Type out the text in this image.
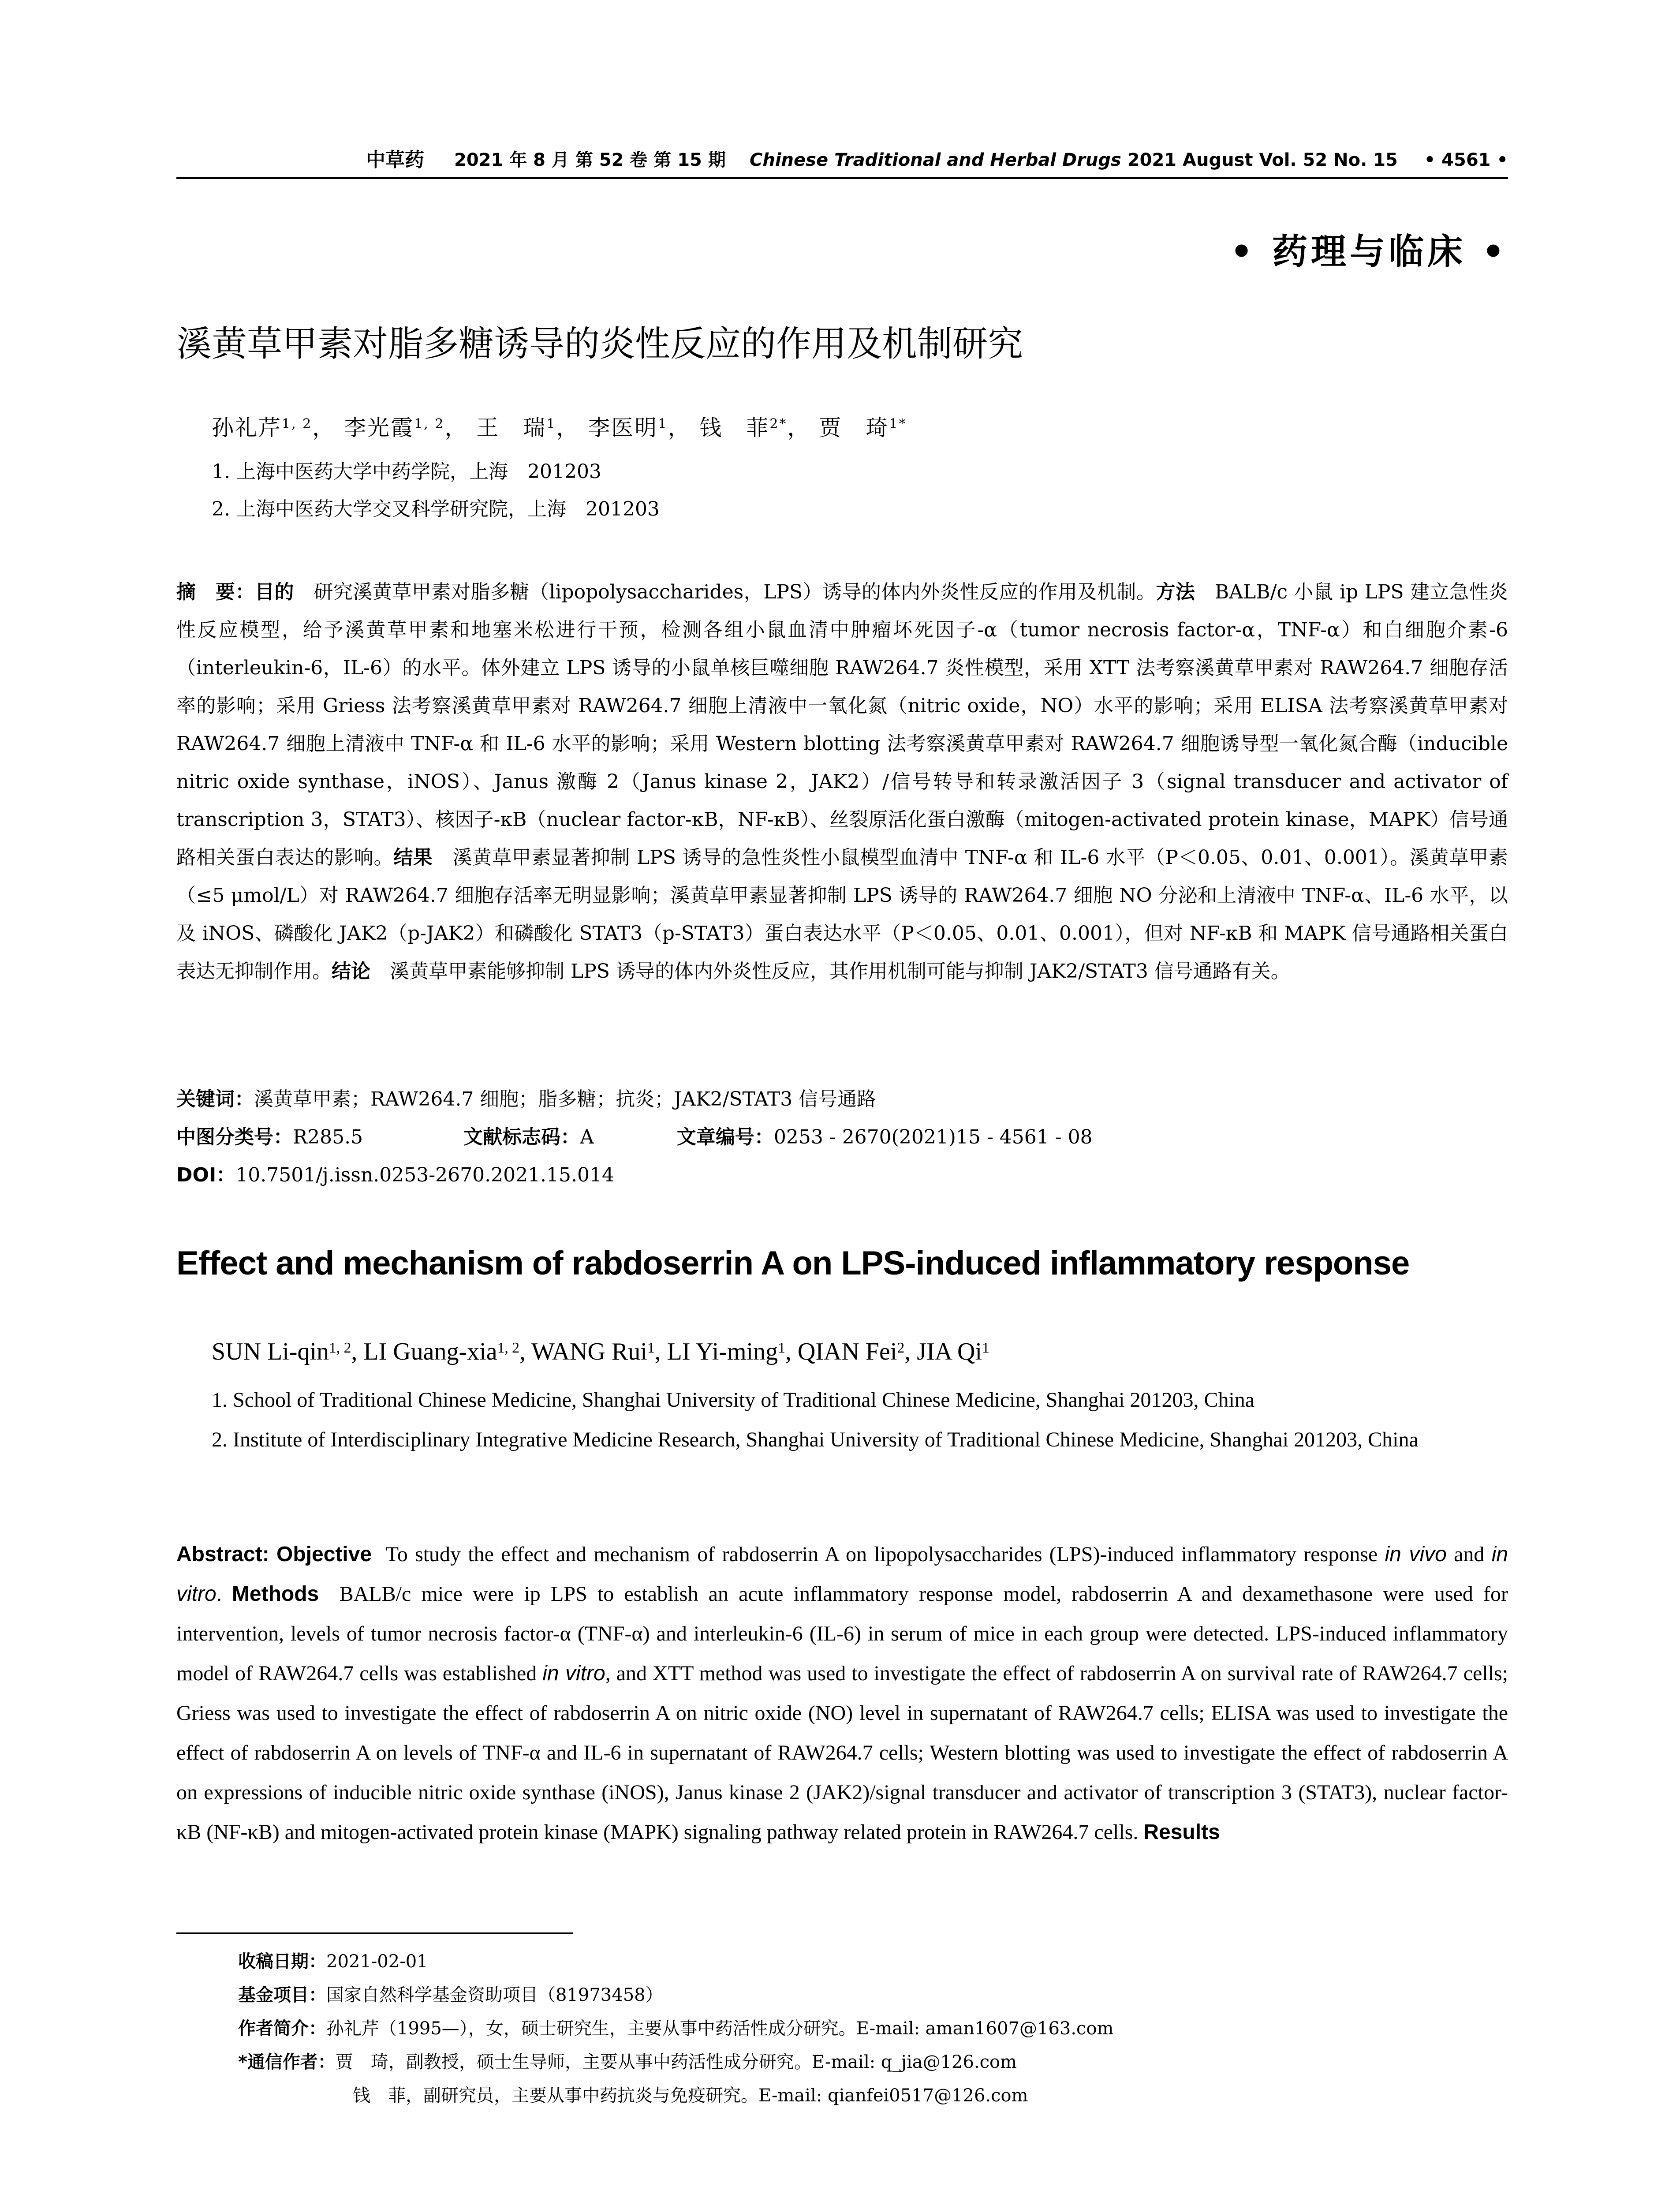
中草药 2021 年 8 月 第 52 卷 第 15 期 Chinese Traditional and Herbal Drugs 2021 August Vol. 52 No. 15 • 4561 •
• 药理与临床 •
溪黄草甲素对脂多糖诱导的炎性反应的作用及机制研究
孙礼芹$^{1, 2}$， 李光霞$^{1, 2}$， 王　瑞$^1$， 李医明$^1$， 钱　菲$^{2*}$， 贾　琦$^{1*}$
1. 上海中医药大学中药学院，上海　201203
2. 上海中医药大学交叉科学研究院，上海　201203
摘　要：目的　 研究溪黄草甲素对脂多糖（lipopolysaccharides，LPS）诱导的体内外炎性反应的作用及机制。方法　 BALB/c 小鼠 ip LPS 建立急性炎性反应模型，给予溪黄草甲素和地塞米松进行干预，检测各组小鼠血清中肿瘤坏死因子-α（tumor necrosis factor-α，TNF-α）和白细胞介素-6（interleukin-6，IL-6）的水平。体外建立 LPS 诱导的小鼠单核巨噬细胞 RAW264.7 炎性模型，采用 XTT 法考察溪黄草甲素对 RAW264.7 细胞存活率的影响；采用 Griess 法考察溪黄草甲素对 RAW264.7 细胞上清液中一氧化氮（nitric oxide，NO）水平的影响；采用 ELISA 法考察溪黄草甲素对 RAW264.7 细胞上清液中 TNF-α 和 IL-6 水平的影响；采用 Western blotting 法考察溪黄草甲素对 RAW264.7 细胞诱导型一氧化氮合酶（inducible nitric oxide synthase，iNOS）、Janus 激酶 2（Janus kinase 2，JAK2）/信号转导和转录激活因子 3（signal transducer and activator of transcription 3，STAT3）、核因子-κB（nuclear factor-κB，NF-κB）、丝裂原活化蛋白激酶（mitogen-activated protein kinase，MAPK）信号通路相关蛋白表达的影响。结果　 溪黄草甲素显著抑制 LPS 诱导的急性炎性小鼠模型血清中 TNF-α 和 IL-6 水平（P＜0.05、0.01、0.001）。溪黄草甲素（≤5 μmol/L）对 RAW264.7 细胞存活率无明显影响；溪黄草甲素显著抑制 LPS 诱导的 RAW264.7 细胞 NO 分泌和上清液中 TNF-α、IL-6 水平，以及 iNOS、磷酸化 JAK2（p-JAK2）和磷酸化 STAT3（p-STAT3）蛋白表达水平（P＜0.05、0.01、0.001），但对 NF-κB 和 MAPK 信号通路相关蛋白表达无抑制作用。结论　 溪黄草甲素能够抑制 LPS 诱导的体内外炎性反应，其作用机制可能与抑制 JAK2/STAT3 信号通路有关。
关键词：溪黄草甲素；RAW264.7 细胞；脂多糖；抗炎；JAK2/STAT3 信号通路
中图分类号：R285.5	文献标志码：A	文章编号：0253 - 2670(2021)15 - 4561 - 08
DOI：10.7501/j.issn.0253-2670.2021.15.014
Effect and mechanism of rabdoserrin A on LPS-induced inflammatory response
SUN Li-qin$^{1, 2}$, LI Guang-xia$^{1, 2}$, WANG Rui$^1$, LI Yi-ming$^1$, QIAN Fei$^2$, JIA Qi$^1$
1. School of Traditional Chinese Medicine, Shanghai University of Traditional Chinese Medicine, Shanghai 201203, China
2. Institute of Interdisciplinary Integrative Medicine Research, Shanghai University of Traditional Chinese Medicine, Shanghai 201203, China
Abstract: Objective To study the effect and mechanism of rabdoserrin A on lipopolysaccharides (LPS)-induced inflammatory response in vivo and in vitro. Methods BALB/c mice were ip LPS to establish an acute inflammatory response model, rabdoserrin A and dexamethasone were used for intervention, levels of tumor necrosis factor-α (TNF-α) and interleukin-6 (IL-6) in serum of mice in each group were detected. LPS-induced inflammatory model of RAW264.7 cells was established in vitro, and XTT method was used to investigate the effect of rabdoserrin A on survival rate of RAW264.7 cells; Griess was used to investigate the effect of rabdoserrin A on nitric oxide (NO) level in supernatant of RAW264.7 cells; ELISA was used to investigate the effect of rabdoserrin A on levels of TNF-α and IL-6 in supernatant of RAW264.7 cells; Western blotting was used to investigate the effect of rabdoserrin A on expressions of inducible nitric oxide synthase (iNOS), Janus kinase 2 (JAK2)/signal transducer and activator of transcription 3 (STAT3), nuclear factor-κB (NF-κB) and mitogen-activated protein kinase (MAPK) signaling pathway related protein in RAW264.7 cells. Results
收稿日期：2021-02-01
基金项目：国家自然科学基金资助项目（81973458）
作者简介：孙礼芹（1995—），女，硕士研究生，主要从事中药活性成分研究。E-mail: aman1607@163.com
*通信作者：贾　琦，副教授，硕士生导师，主要从事中药活性成分研究。E-mail: q_jia@126.com
钱　菲，副研究员，主要从事中药抗炎与免疫研究。E-mail: qianfei0517@126.com
